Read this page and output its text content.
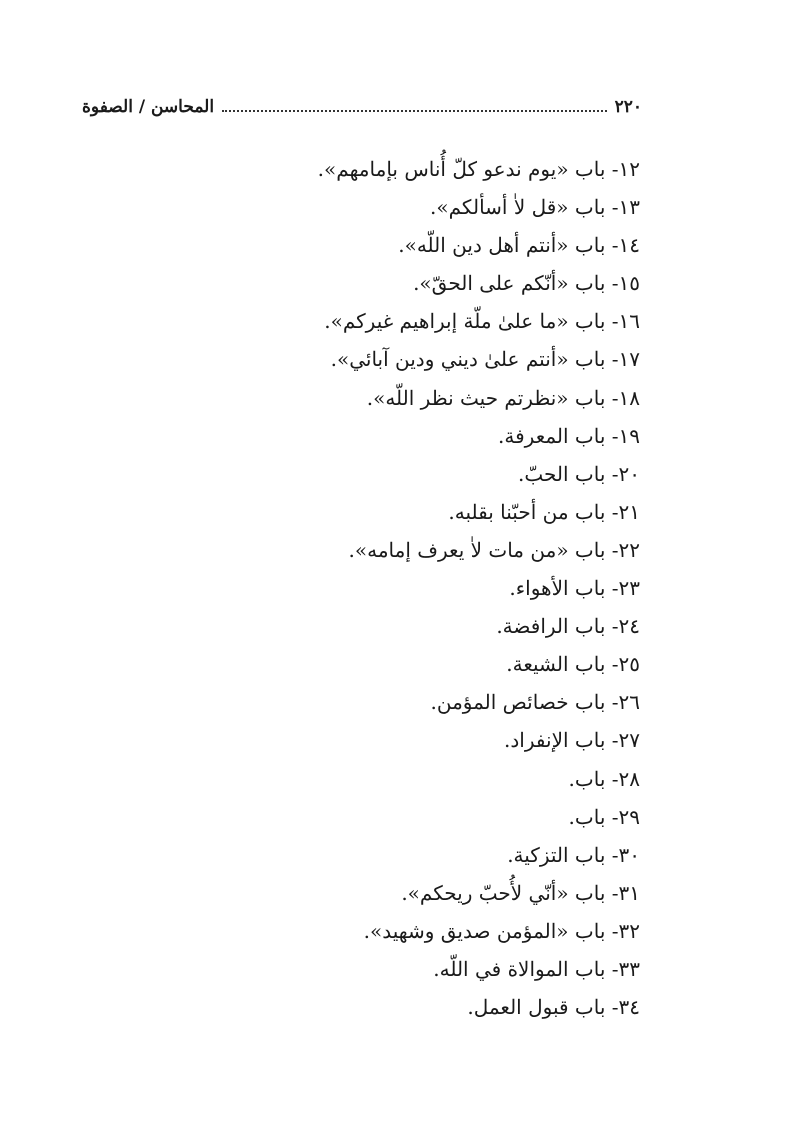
٢٢٠
المحاسن / الصفوة
١٢- باب «يوم ندعو كلّ أُناس بإمامهم».
١٣- باب «قل لاٰ أسألكم».
١٤- باب «أنتم أهل دين اللّه».
١٥- باب «أنّكم على الحقّ».
١٦- باب «ما علىٰ ملّة إبراهيم غيركم».
١٧- باب «أنتم علىٰ ديني ودين آبائي».
١٨- باب «نظرتم حيث نظر اللّه».
١٩- باب المعرفة.
٢٠- باب الحبّ.
٢١- باب من أحبّنا بقلبه.
٢٢- باب «من مات لاٰ يعرف إمامه».
٢٣- باب الأهواء.
٢٤- باب الرافضة.
٢٥- باب الشيعة.
٢٦- باب خصائص المؤمن.
٢٧- باب الإنفراد.
٢٨- باب.
٢٩- باب.
٣٠- باب التزكية.
٣١- باب «أنّي لأُحبّ ريحكم».
٣٢- باب «المؤمن صديق وشهيد».
٣٣- باب الموالاة في اللّه.
٣٤- باب قبول العمل.
